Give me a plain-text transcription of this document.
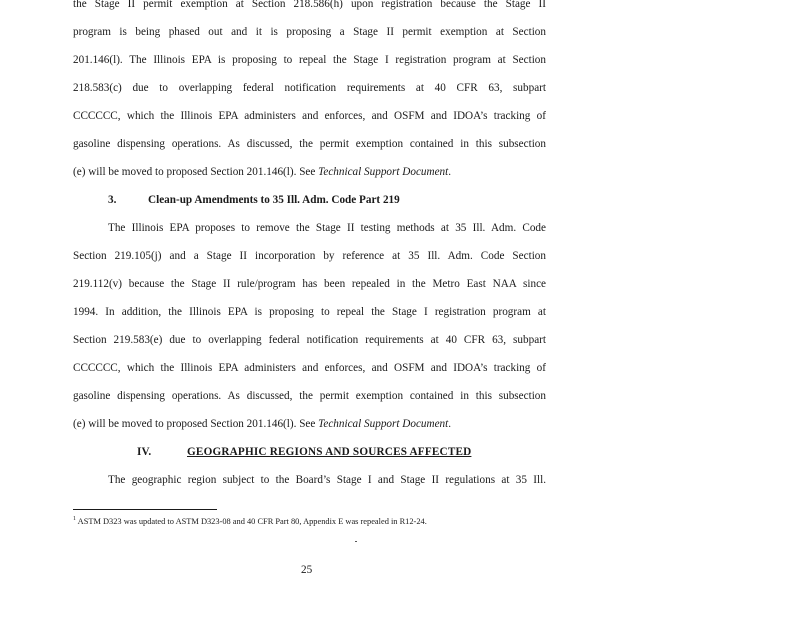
the Stage II permit exemption at Section 218.586(h) upon registration because the Stage II
program is being phased out and it is proposing a Stage II permit exemption at Section
201.146(l). The Illinois EPA is proposing to repeal the Stage I registration program at Section
218.583(c) due to overlapping federal notification requirements at 40 CFR 63, subpart
CCCCCC, which the Illinois EPA administers and enforces, and OSFM and IDOA’s tracking of
gasoline dispensing operations. As discussed, the permit exemption contained in this subsection
(e) will be moved to proposed Section 201.146(l). See Technical Support Document.
3.	Clean-up Amendments to 35 Ill. Adm. Code Part 219
The Illinois EPA proposes to remove the Stage II testing methods at 35 Ill. Adm. Code
Section 219.105(j) and a Stage II incorporation by reference at 35 Ill. Adm. Code Section
219.112(v) because the Stage II rule/program has been repealed in the Metro East NAA since
1994. In addition, the Illinois EPA is proposing to repeal the Stage I registration program at
Section 219.583(e) due to overlapping federal notification requirements at 40 CFR 63, subpart
CCCCCC, which the Illinois EPA administers and enforces, and OSFM and IDOA’s tracking of
gasoline dispensing operations. As discussed, the permit exemption contained in this subsection
(e) will be moved to proposed Section 201.146(l). See Technical Support Document.
IV.	GEOGRAPHIC REGIONS AND SOURCES AFFECTED
The geographic region subject to the Board’s Stage I and Stage II regulations at 35 Ill.
$^1$ ASTM D323 was updated to ASTM D323-08 and 40 CFR Part 80, Appendix E was repealed in R12-24.
25
